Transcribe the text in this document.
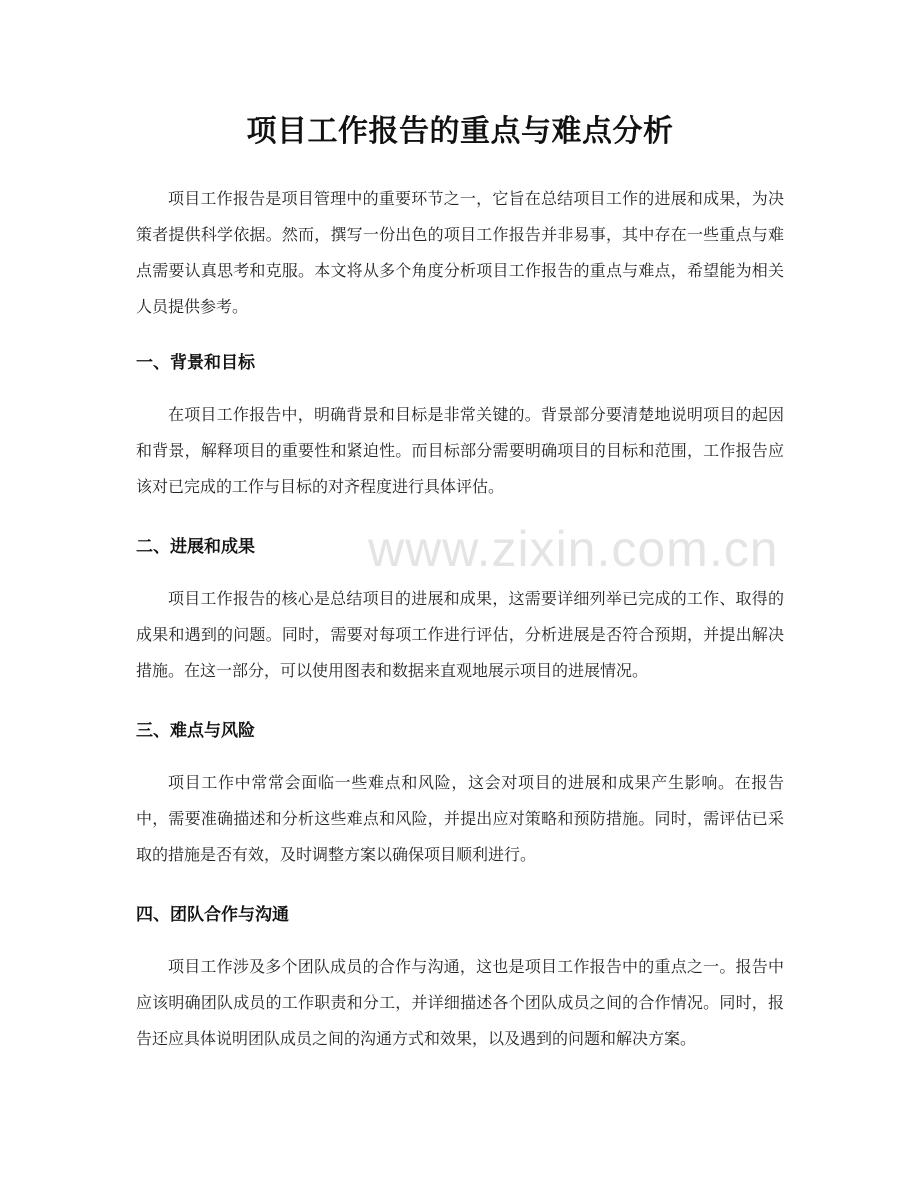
www.zixin.com.cn
项目工作报告的重点与难点分析

项目工作报告是项目管理中的重要环节之一，它旨在总结项目工作的进展和成果，为决策者提供科学依据。然而，撰写一份出色的项目工作报告并非易事，其中存在一些重点与难点需要认真思考和克服。本文将从多个角度分析项目工作报告的重点与难点，希望能为相关人员提供参考。

一、背景和目标

在项目工作报告中，明确背景和目标是非常关键的。背景部分要清楚地说明项目的起因和背景，解释项目的重要性和紧迫性。而目标部分需要明确项目的目标和范围，工作报告应该对已完成的工作与目标的对齐程度进行具体评估。

二、进展和成果

项目工作报告的核心是总结项目的进展和成果，这需要详细列举已完成的工作、取得的成果和遇到的问题。同时，需要对每项工作进行评估，分析进展是否符合预期，并提出解决措施。在这一部分，可以使用图表和数据来直观地展示项目的进展情况。

三、难点与风险

项目工作中常常会面临一些难点和风险，这会对项目的进展和成果产生影响。在报告中，需要准确描述和分析这些难点和风险，并提出应对策略和预防措施。同时，需评估已采取的措施是否有效，及时调整方案以确保项目顺利进行。

四、团队合作与沟通

项目工作涉及多个团队成员的合作与沟通，这也是项目工作报告中的重点之一。报告中应该明确团队成员的工作职责和分工，并详细描述各个团队成员之间的合作情况。同时，报告还应具体说明团队成员之间的沟通方式和效果，以及遇到的问题和解决方案。
